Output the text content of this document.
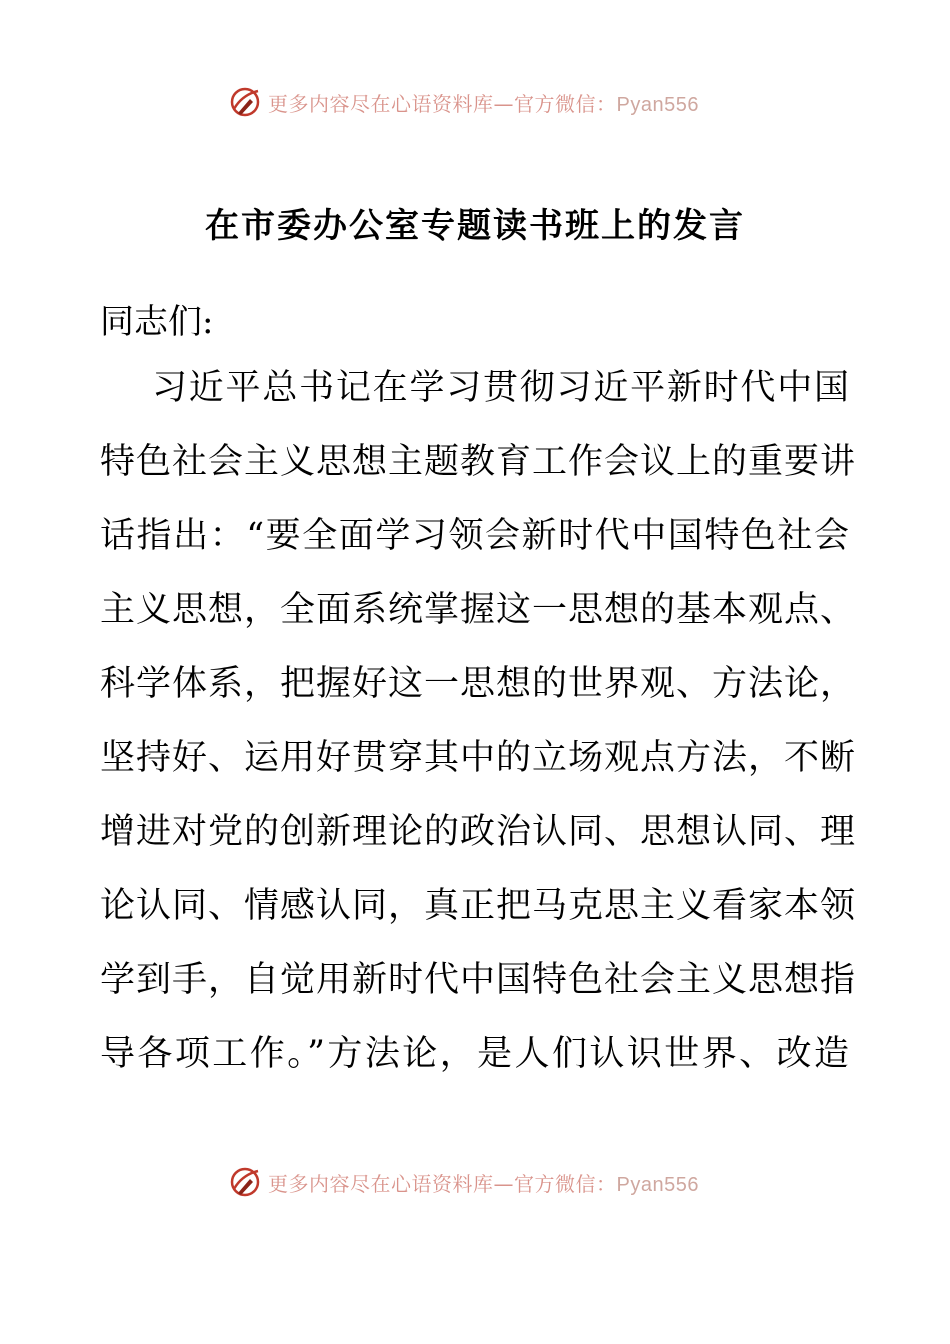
更多内容尽在心语资料库—官方微信：Pyan556
在市委办公室专题读书班上的发言
同志们:
习近平总书记在学习贯彻习近平新时代中国
特色社会主义思想主题教育工作会议上的重要讲
话指出：“要全面学习领会新时代中国特色社会
主义思想，全面系统掌握这一思想的基本观点、
科学体系，把握好这一思想的世界观、方法论，
坚持好、运用好贯穿其中的立场观点方法，不断
增进对党的创新理论的政治认同、思想认同、理
论认同、情感认同，真正把马克思主义看家本领
学到手，自觉用新时代中国特色社会主义思想指
导各项工作。”方法论，是人们认识世界、改造
更多内容尽在心语资料库—官方微信：Pyan556
